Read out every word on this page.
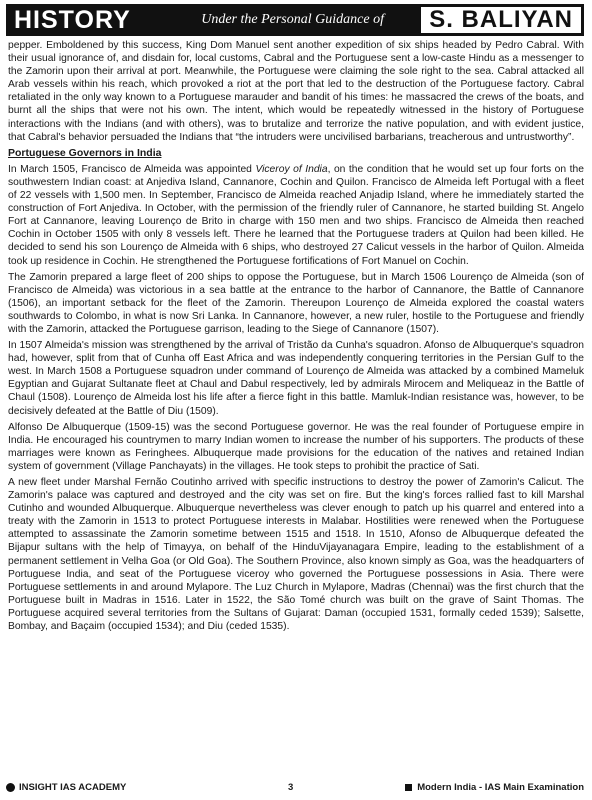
HISTORY	Under the Personal Guidance of	S. BALIYAN

pepper. Emboldened by this success, King Dom Manuel sent another expedition of six ships headed by Pedro Cabral. With their usual ignorance of, and disdain for, local customs, Cabral and the Portuguese sent a low-caste Hindu as a messenger to the Zamorin upon their arrival at port. Meanwhile, the Portuguese were claiming the sole right to the sea. Cabral attacked all Arab vessels within his reach, which provoked a riot at the port that led to the destruction of the Portuguese factory. Cabral retaliated in the only way known to a Portuguese marauder and bandit of his times: he massacred the crews of the boats, and burnt all the ships that were not his own. The intent, which would be repeatedly witnessed in the history of Portuguese interactions with the Indians (and with others), was to brutalize and terrorize the native population, and with evident justice, that Cabral's behavior persuaded the Indians that “the intruders were uncivilised barbarians, treacherous and untrustworthy”.

Portuguese Governors in India

In March 1505, Francisco de Almeida was appointed Viceroy of India, on the condition that he would set up four forts on the southwestern Indian coast: at Anjediva Island, Cannanore, Cochin and Quilon. Francisco de Almeida left Portugal with a fleet of 22 vessels with 1,500 men. In September, Francisco de Almeida reached Anjadip Island, where he immediately started the construction of Fort Anjediva. In October, with the permission of the friendly ruler of Cannanore, he started building St. Angelo Fort at Cannanore, leaving Lourenço de Brito in charge with 150 men and two ships. Francisco de Almeida then reached Cochin in October 1505 with only 8 vessels left. There he learned that the Portuguese traders at Quilon had been killed. He decided to send his son Lourenço de Almeida with 6 ships, who destroyed 27 Calicut vessels in the harbor of Quilon. Almeida took up residence in Cochin. He strengthened the Portuguese fortifications of Fort Manuel on Cochin.

The Zamorin prepared a large fleet of 200 ships to oppose the Portuguese, but in March 1506 Lourenço de Almeida (son of Francisco de Almeida) was victorious in a sea battle at the entrance to the harbor of Cannanore, the Battle of Cannanore (1506), an important setback for the fleet of the Zamorin. Thereupon Lourenço de Almeida explored the coastal waters southwards to Colombo, in what is now Sri Lanka. In Cannanore, however, a new ruler, hostile to the Portuguese and friendly with the Zamorin, attacked the Portuguese garrison, leading to the Siege of Cannanore (1507).

In 1507 Almeida's mission was strengthened by the arrival of Tristão da Cunha's squadron. Afonso de Albuquerque's squadron had, however, split from that of Cunha off East Africa and was independently conquering territories in the Persian Gulf to the west. In March 1508 a Portuguese squadron under command of Lourenço de Almeida was attacked by a combined Mameluk Egyptian and Gujarat Sultanate fleet at Chaul and Dabul respectively, led by admirals Mirocem and Meliqueaz in the Battle of Chaul (1508). Lourenço de Almeida lost his life after a fierce fight in this battle. Mamluk-Indian resistance was, however, to be decisively defeated at the Battle of Diu (1509).

Alfonso De Albuquerque (1509-15) was the second Portuguese governor. He was the real founder of Portuguese empire in India. He encouraged his countrymen to marry Indian women to increase the number of his supporters. The products of these marriages were known as Feringhees. Albuquerque made provisions for the education of the natives and retained Indian system of government (Village Panchayats) in the villages. He took steps to prohibit the practice of Sati.

A new fleet under Marshal Fernão Coutinho arrived with specific instructions to destroy the power of Zamorin's Calicut. The Zamorin's palace was captured and destroyed and the city was set on fire. But the king's forces rallied fast to kill Marshal Cutinho and wounded Albuquerque. Albuquerque nevertheless was clever enough to patch up his quarrel and entered into a treaty with the Zamorin in 1513 to protect Portuguese interests in Malabar. Hostilities were renewed when the Portuguese attempted to assassinate the Zamorin sometime between 1515 and 1518. In 1510, Afonso de Albuquerque defeated the Bijapur sultans with the help of Timayya, on behalf of the HinduVijayanagara Empire, leading to the establishment of a permanent settlement in Velha Goa (or Old Goa). The Southern Province, also known simply as Goa, was the headquarters of Portuguese India, and seat of the Portuguese viceroy who governed the Portuguese possessions in Asia. There were Portuguese settlements in and around Mylapore. The Luz Church in Mylapore, Madras (Chennai) was the first church that the Portuguese built in Madras in 1516. Later in 1522, the São Tomé church was built on the grave of Saint Thomas. The Portuguese acquired several territories from the Sultans of Gujarat: Daman (occupied 1531, formally ceded 1539); Salsette, Bombay, and Baçaim (occupied 1534); and Diu (ceded 1535).

INSIGHT IAS ACADEMY	3	Modern India - IAS Main Examination
